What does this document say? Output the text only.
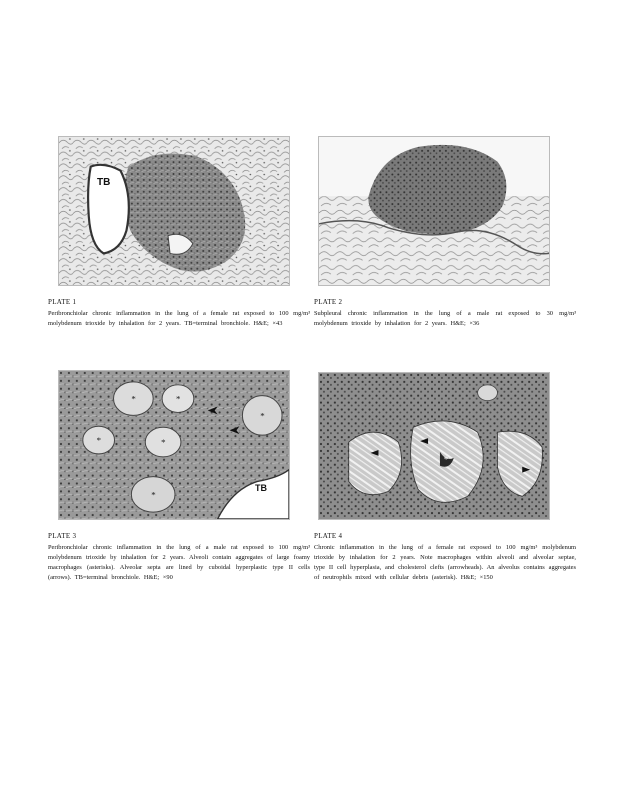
TB
PLATE 1
Peribronchiolar chronic inflammation in the lung of a female rat exposed to 100 mg/m³ molybdenum trioxide by inhalation for 2 years. TB=terminal bronchiole. H&E; ×43
PLATE 2
Subpleural chronic inflammation in the lung of a male rat exposed to 30 mg/m³ molybdenum trioxide by inhalation for 2 years. H&E; ×36
*	*
*
*	*
*
TB
*
PLATE 3
Peribronchiolar chronic inflammation in the lung of a male rat exposed to 100 mg/m³ molybdenum trioxide by inhalation for 2 years. Alveoli contain aggregates of large foamy macrophages (asterisks). Alveolar septa are lined by cuboidal hyperplastic type II cells (arrows). TB=terminal bronchiole. H&E; ×90
PLATE 4
Chronic inflammation in the lung of a female rat exposed to 100 mg/m³ molybdenum trioxide by inhalation for 2 years. Note macrophages within alveoli and alveolar septae, type II cell hyperplasia, and cholesterol clefts (arrowheads). An alveolus contains aggregates of neutrophils mixed with cellular debris (asterisk). H&E; ×150
